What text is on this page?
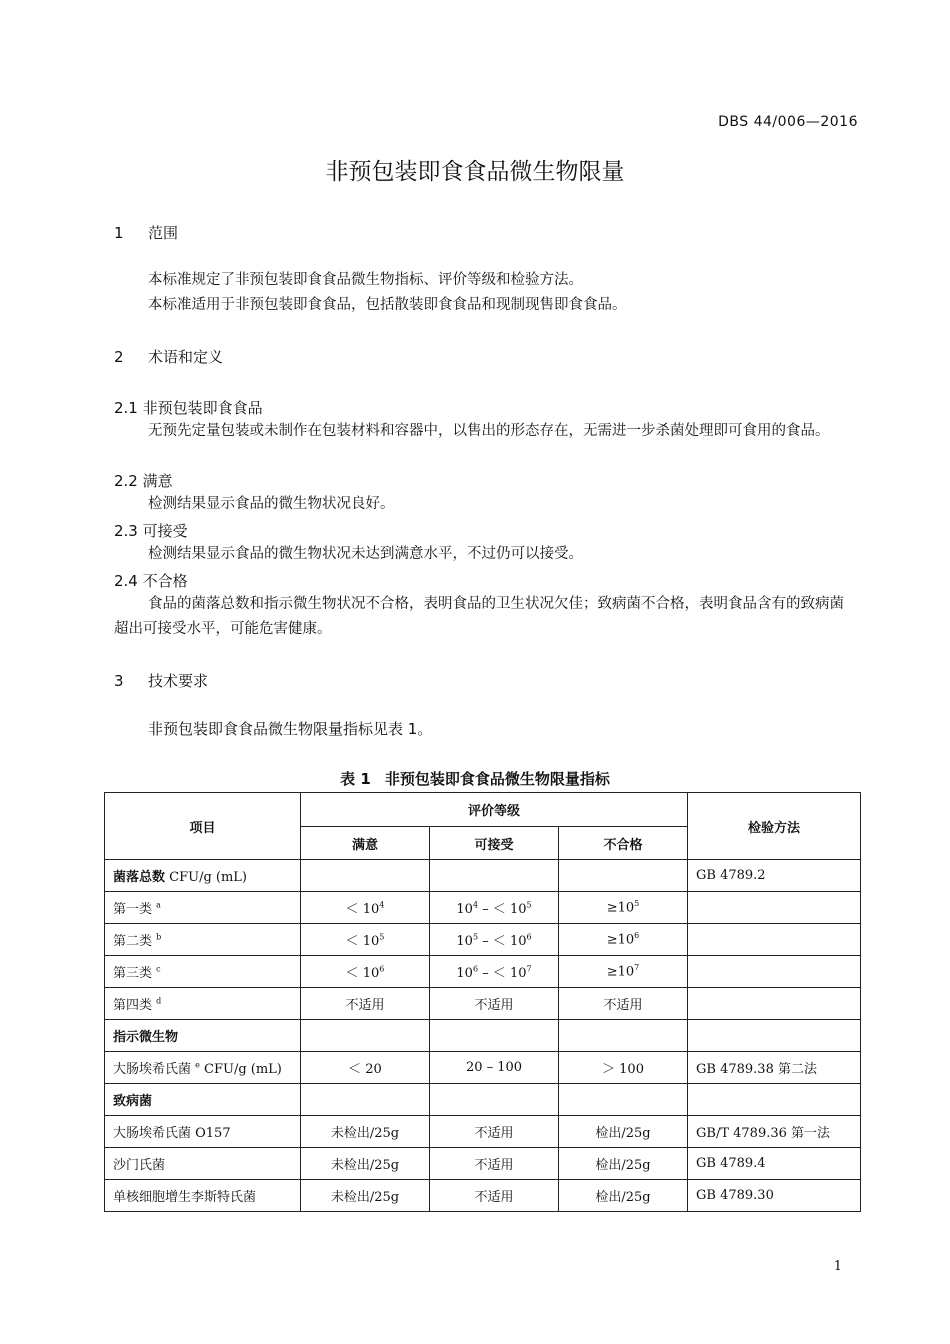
DBS 44/006—2016
非预包装即食食品微生物限量
1 范围
本标准规定了非预包装即食食品微生物指标、评价等级和检验方法。
本标准适用于非预包装即食食品，包括散装即食食品和现制现售即食食品。
2 术语和定义
2.1 非预包装即食食品
无预先定量包装或未制作在包装材料和容器中，以售出的形态存在，无需进一步杀菌处理即可食用的食品。
2.2 满意
检测结果显示食品的微生物状况良好。
2.3 可接受
检测结果显示食品的微生物状况未达到满意水平，不过仍可以接受。
2.4 不合格
食品的菌落总数和指示微生物状况不合格，表明食品的卫生状况欠佳；致病菌不合格，表明食品含有的致病菌超出可接受水平，可能危害健康。
3 技术要求
非预包装即食食品微生物限量指标见表 1。
表 1 非预包装即食食品微生物限量指标
项目	评价等级			检验方法
	满意	可接受	不合格	
菌落总数 CFU/g (mL)				GB 4789.2
第一类 $^a$	＜ $10^4$	$10^4$ – ＜ $10^5$	$\ge 10^5$	
第二类 $^b$	＜ $10^5$	$10^5$ – ＜ $10^6$	$\ge 10^6$	
第三类 $^c$	＜ $10^6$	$10^6$ – ＜ $10^7$	$\ge 10^7$	
第四类 $^d$	不适用	不适用	不适用	
指示微生物				
大肠埃希氏菌 $^e$ CFU/g (mL)	＜ 20	20 – 100	＞ 100	GB 4789.38 第二法
致病菌				
大肠埃希氏菌 O157	未检出/25g	不适用	检出/25g	GB/T 4789.36 第一法
沙门氏菌	未检出/25g	不适用	检出/25g	GB 4789.4
单核细胞增生李斯特氏菌	未检出/25g	不适用	检出/25g	GB 4789.30
1
